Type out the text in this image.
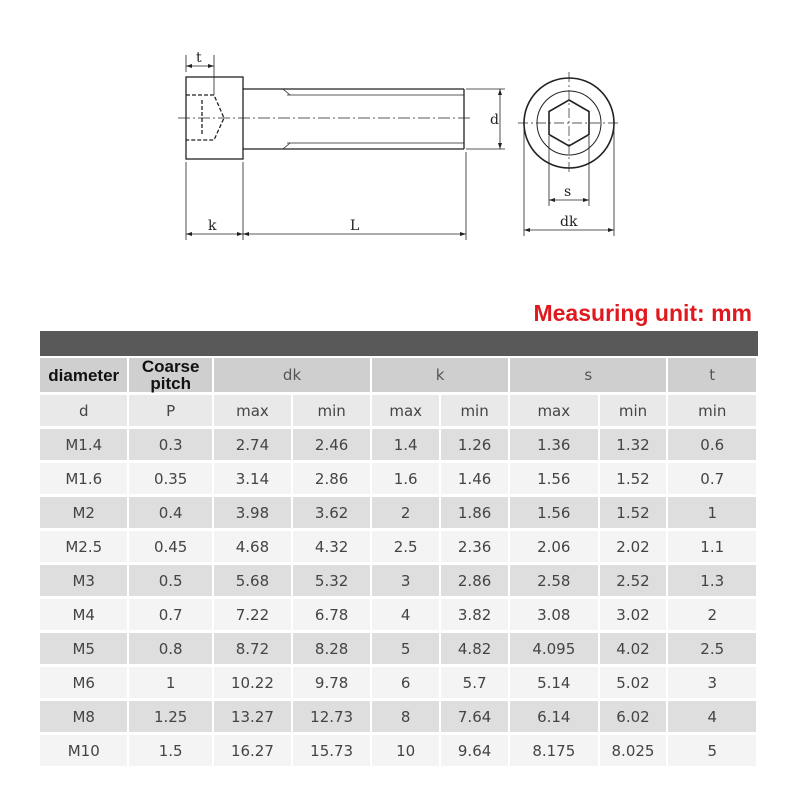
t
d
k	L
s
dk

Measuring unit: mm

diameter	Coarse
pitch	dk		k		s		t
d	P	max	min	max	min	max	min	min
M1.4	0.3	2.74	2.46	1.4	1.26	1.36	1.32	0.6
M1.6	0.35	3.14	2.86	1.6	1.46	1.56	1.52	0.7
M2	0.4	3.98	3.62	2	1.86	1.56	1.52	1
M2.5	0.45	4.68	4.32	2.5	2.36	2.06	2.02	1.1
M3	0.5	5.68	5.32	3	2.86	2.58	2.52	1.3
M4	0.7	7.22	6.78	4	3.82	3.08	3.02	2
M5	0.8	8.72	8.28	5	4.82	4.095	4.02	2.5
M6	1	10.22	9.78	6	5.7	5.14	5.02	3
M8	1.25	13.27	12.73	8	7.64	6.14	6.02	4
M10	1.5	16.27	15.73	10	9.64	8.175	8.025	5
